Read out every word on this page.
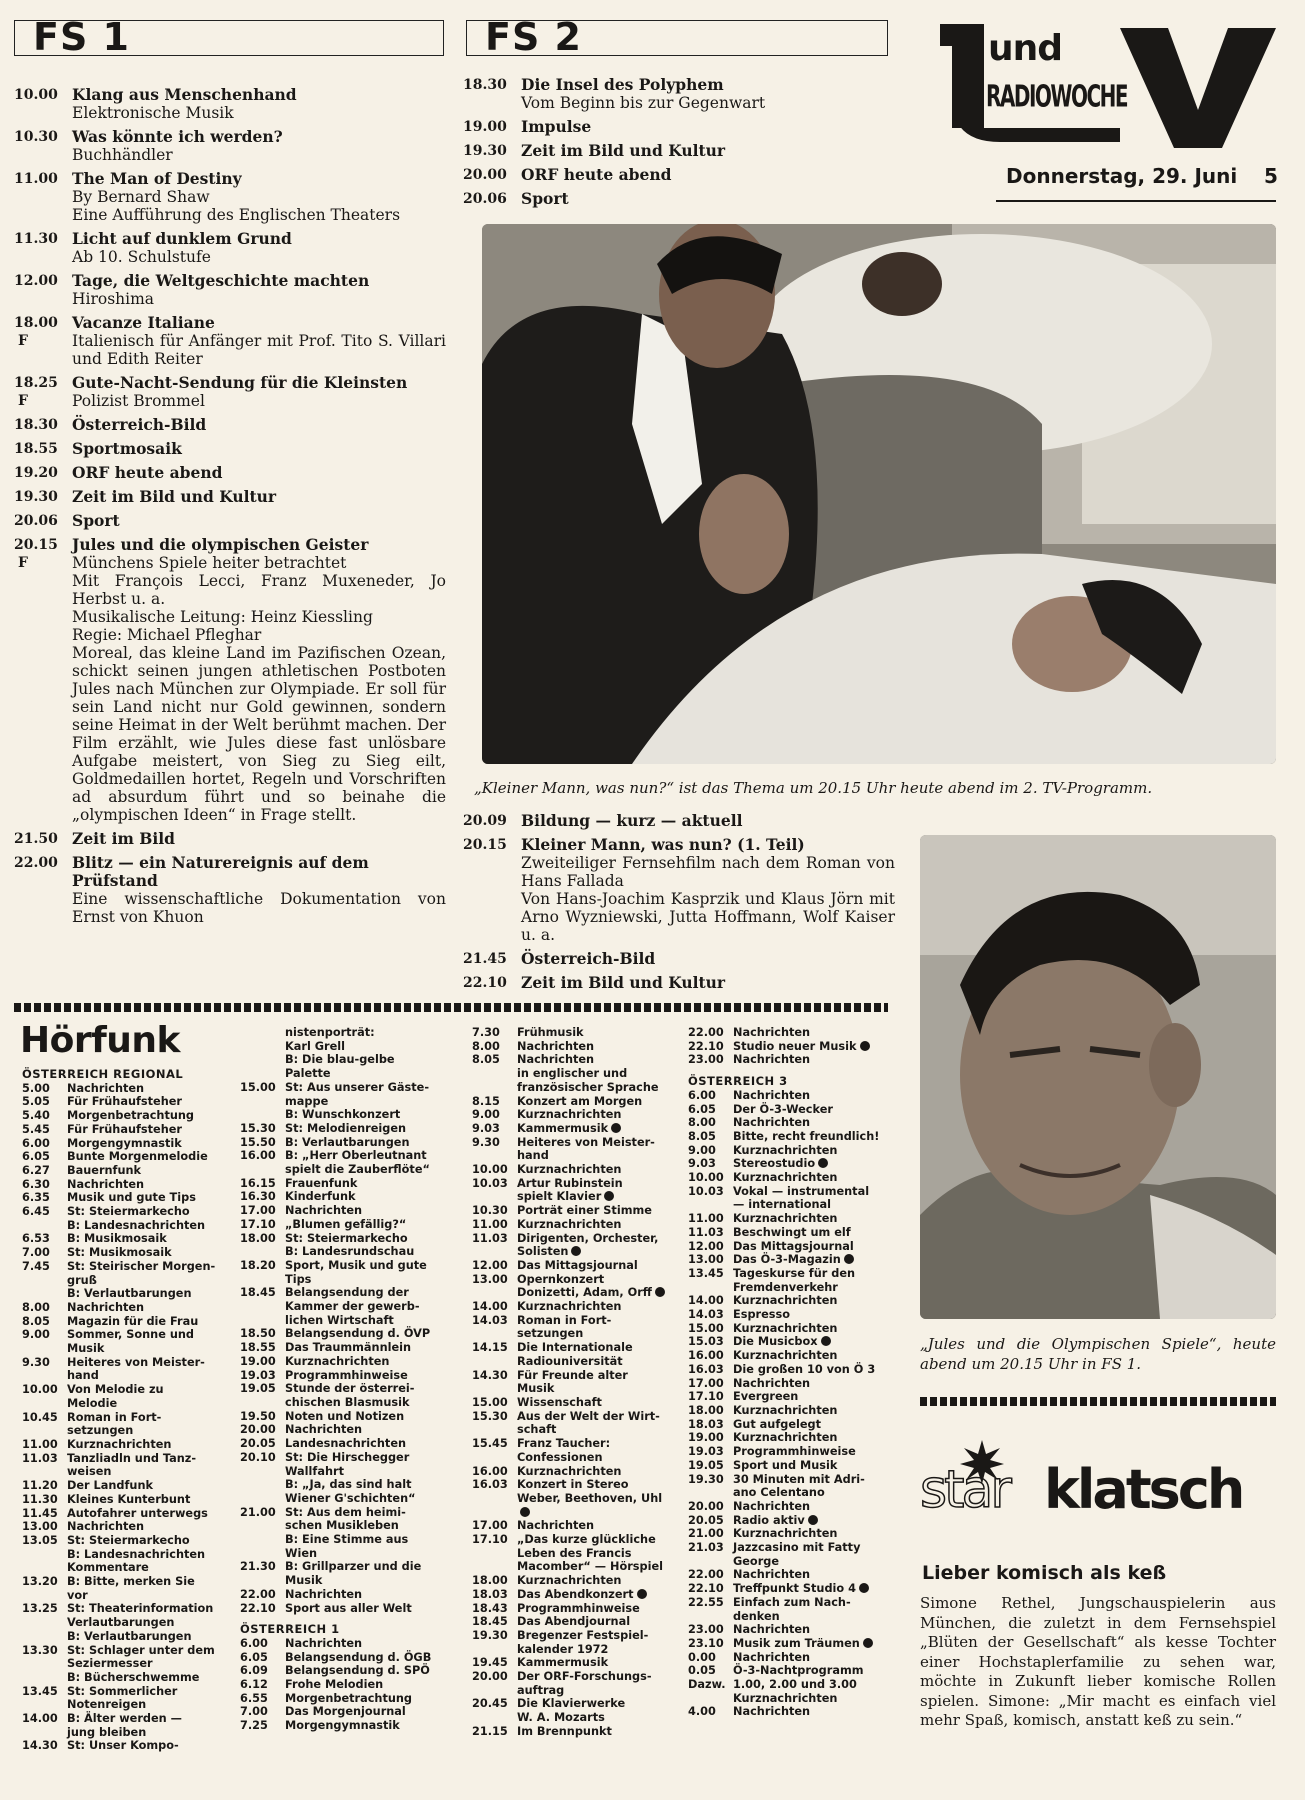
FS 1	FS 2	und
RADIOWOCHE
Donnerstag, 29. Juni 5
10.00 Klang aus Menschenhand
Elektronische Musik
10.30 Was könnte ich werden?
Buchhändler
11.00 The Man of Destiny
By Bernard Shaw
Eine Aufführung des Englischen Theaters
11.30 Licht auf dunklem Grund
Ab 10. Schulstufe
12.00 Tage, die Weltgeschichte machten
Hiroshima
18.00
F
Vacanze Italiane
Italienisch für Anfänger mit Prof. Tito S. Villari und Edith Reiter
18.25
F
Gute-Nacht-Sendung für die Kleinsten
Polizist Brommel
18.30 Österreich-Bild
18.55 Sportmosaik
19.20 ORF heute abend
19.30 Zeit im Bild und Kultur
20.06 Sport
20.15
F
Jules und die olympischen Geister
Münchens Spiele heiter betrachtet
Mit François Lecci, Franz Muxeneder, Jo Herbst u. a.
Musikalische Leitung: Heinz Kiessling
Regie: Michael Pfleghar
Moreal, das kleine Land im Pazifischen Ozean, schickt seinen jungen athletischen Postboten Jules nach München zur Olympiade. Er soll für sein Land nicht nur Gold gewinnen, sondern seine Heimat in der Welt berühmt machen. Der Film erzählt, wie Jules diese fast unlösbare Aufgabe meistert, von Sieg zu Sieg eilt, Goldmedaillen hortet, Regeln und Vorschriften ad absurdum führt und so beinahe die „olympischen Ideen“ in Frage stellt.
21.50 Zeit im Bild
22.00 Blitz — ein Naturereignis auf dem Prüfstand
Eine wissenschaftliche Dokumentation von Ernst von Khuon
18.30 Die Insel des Polyphem
Vom Beginn bis zur Gegenwart
19.00 Impulse
19.30 Zeit im Bild und Kultur
20.00 ORF heute abend
20.06 Sport
„Kleiner Mann, was nun?“ ist das Thema um 20.15 Uhr heute abend im 2. TV-Programm.
20.09 Bildung — kurz — aktuell
20.15 Kleiner Mann, was nun? (1. Teil)
Zweiteiliger Fernsehfilm nach dem Roman von Hans Fallada
Von Hans-Joachim Kasprzik und Klaus Jörn mit Arno Wyzniewski, Jutta Hoffmann, Wolf Kaiser u. a.
21.45 Österreich-Bild
22.10 Zeit im Bild und Kultur
„Jules und die Olympischen Spiele“, heute abend um 20.15 Uhr in FS 1.
Hörfunk
ÖSTERREICH REGIONAL
5.00 Nachrichten
5.05 Für Frühaufsteher
5.40 Morgenbetrachtung
5.45 Für Frühaufsteher
6.00 Morgengymnastik
6.05 Bunte Morgenmelodie
6.27 Bauernfunk
6.30 Nachrichten
6.35 Musik und gute Tips
6.45 St: Steiermarkecho
B: Landesnachrichten
6.53 B: Musikmosaik
7.00 St: Musikmosaik
7.45 St: Steirischer Morgen-
gruß
B: Verlautbarungen
8.00 Nachrichten
8.05 Magazin für die Frau
9.00 Sommer, Sonne und
Musik
9.30 Heiteres von Meister-
hand
10.00 Von Melodie zu
Melodie
10.45 Roman in Fort-
setzungen
11.00 Kurznachrichten
11.03 Tanzliadln und Tanz-
weisen
11.20 Der Landfunk
11.30 Kleines Kunterbunt
11.45 Autofahrer unterwegs
13.00 Nachrichten
13.05 St: Steiermarkecho
B: Landesnachrichten
Kommentare
13.20 B: Bitte, merken Sie
vor
13.25 St: Theaterinformation
Verlautbarungen
B: Verlautbarungen
13.30 St: Schlager unter dem
Seziermesser
B: Bücherschwemme
13.45 St: Sommerlicher
Notenreigen
14.00 B: Älter werden —
jung bleiben
14.30 St: Unser Kompo-
nistenporträt:
Karl Grell
B: Die blau-gelbe
Palette
15.00 St: Aus unserer Gäste-
mappe
B: Wunschkonzert
15.30 St: Melodienreigen
15.50 B: Verlautbarungen
16.00 B: „Herr Oberleutnant
spielt die Zauberflöte“
16.15 Frauenfunk
16.30 Kinderfunk
17.00 Nachrichten
17.10 „Blumen gefällig?“
18.00 St: Steiermarkecho
B: Landesrundschau
18.20 Sport, Musik und gute
Tips
18.45 Belangsendung der
Kammer der gewerb-
lichen Wirtschaft
18.50 Belangsendung d. ÖVP
18.55 Das Traummännlein
19.00 Kurznachrichten
19.03 Programmhinweise
19.05 Stunde der österrei-
chischen Blasmusik
19.50 Noten und Notizen
20.00 Nachrichten
20.05 Landesnachrichten
20.10 St: Die Hirschegger
Wallfahrt
B: „Ja, das sind halt
Wiener G'schichten“
21.00 St: Aus dem heimi-
schen Musikleben
B: Eine Stimme aus
Wien
21.30 B: Grillparzer und die
Musik
22.00 Nachrichten
22.10 Sport aus aller Welt
ÖSTERREICH 1
6.00 Nachrichten
6.05 Belangsendung d. ÖGB
6.09 Belangsendung d. SPÖ
6.12 Frohe Melodien
6.55 Morgenbetrachtung
7.00 Das Morgenjournal
7.25 Morgengymnastik
7.30 Frühmusik
8.00 Nachrichten
8.05 Nachrichten
in englischer und
französischer Sprache
8.15 Konzert am Morgen
9.00 Kurznachrichten
9.03 Kammermusik
9.30 Heiteres von Meister-
hand
10.00 Kurznachrichten
10.03 Artur Rubinstein
spielt Klavier
10.30 Porträt einer Stimme
11.00 Kurznachrichten
11.03 Dirigenten, Orchester,
Solisten
12.00 Das Mittagsjournal
13.00 Opernkonzert
Donizetti, Adam, Orff
14.00 Kurznachrichten
14.03 Roman in Fort-
setzungen
14.15 Die Internationale
Radiouniversität
14.30 Für Freunde alter
Musik
15.00 Wissenschaft
15.30 Aus der Welt der Wirt-
schaft
15.45 Franz Taucher:
Confessionen
16.00 Kurznachrichten
16.03 Konzert in Stereo
Weber, Beethoven, Uhl
17.00 Nachrichten
17.10 „Das kurze glückliche
Leben des Francis
Macomber“ — Hörspiel
18.00 Kurznachrichten
18.03 Das Abendkonzert
18.43 Programmhinweise
18.45 Das Abendjournal
19.30 Bregenzer Festspiel-
kalender 1972
19.45 Kammermusik
20.00 Der ORF-Forschungs-
auftrag
20.45 Die Klavierwerke
W. A. Mozarts
21.15 Im Brennpunkt
22.00 Nachrichten
22.10 Studio neuer Musik
23.00 Nachrichten
ÖSTERREICH 3
6.00 Nachrichten
6.05 Der Ö-3-Wecker
8.00 Nachrichten
8.05 Bitte, recht freundlich!
9.00 Kurznachrichten
9.03 Stereostudio
10.00 Kurznachrichten
10.03 Vokal — instrumental
— international
11.00 Kurznachrichten
11.03 Beschwingt um elf
12.00 Das Mittagsjournal
13.00 Das Ö-3-Magazin
13.45 Tageskurse für den
Fremdenverkehr
14.00 Kurznachrichten
14.03 Espresso
15.00 Kurznachrichten
15.03 Die Musicbox
16.00 Kurznachrichten
16.03 Die großen 10 von Ö 3
17.00 Nachrichten
17.10 Evergreen
18.00 Kurznachrichten
18.03 Gut aufgelegt
19.00 Kurznachrichten
19.03 Programmhinweise
19.05 Sport und Musik
19.30 30 Minuten mit Adri-
ano Celentano
20.00 Nachrichten
20.05 Radio aktiv
21.00 Kurznachrichten
21.03 Jazzcasino mit Fatty
George
22.00 Nachrichten
22.10 Treffpunkt Studio 4
22.55 Einfach zum Nach-
denken
23.00 Nachrichten
23.10 Musik zum Träumen
0.00 Nachrichten
0.05 Ö-3-Nachtprogramm
Dazw. 1.00, 2.00 und 3.00
Kurznachrichten
4.00 Nachrichten
star klatsch
Lieber komisch als keß
Simone Rethel, Jungschauspielerin aus München, die zuletzt in dem Fernsehspiel „Blüten der Gesellschaft“ als kesse Tochter einer Hochstaplerfamilie zu sehen war, möchte in Zukunft lieber komische Rollen spielen. Simone: „Mir macht es einfach viel mehr Spaß, komisch, anstatt keß zu sein.“
